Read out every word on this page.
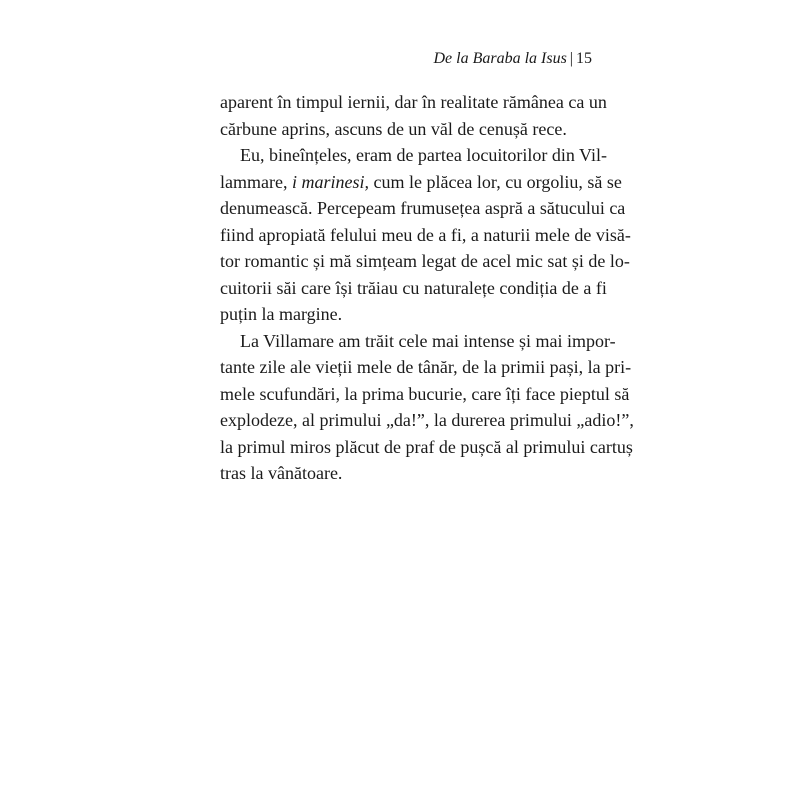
De la Baraba la Isus | 15
aparent în timpul iernii, dar în realitate rămânea ca un
cărbune aprins, ascuns de un văl de cenușă rece.
Eu, bineînțeles, eram de partea locuitorilor din Vil-
lammare, i marinesi, cum le plăcea lor, cu orgoliu, să se
denumească. Percepeam frumusețea aspră a sătucului ca
fiind apropiată felului meu de a fi, a naturii mele de visă-
tor romantic și mă simțeam legat de acel mic sat și de lo-
cuitorii săi care își trăiau cu naturalețe condiția de a fi
puțin la margine.
La Villamare am trăit cele mai intense și mai impor-
tante zile ale vieții mele de tânăr, de la primii pași, la pri-
mele scufundări, la prima bucurie, care îți face pieptul să
explodeze, al primului „da!”, la durerea primului „adio!”,
la primul miros plăcut de praf de pușcă al primului cartuș
tras la vânătoare.
